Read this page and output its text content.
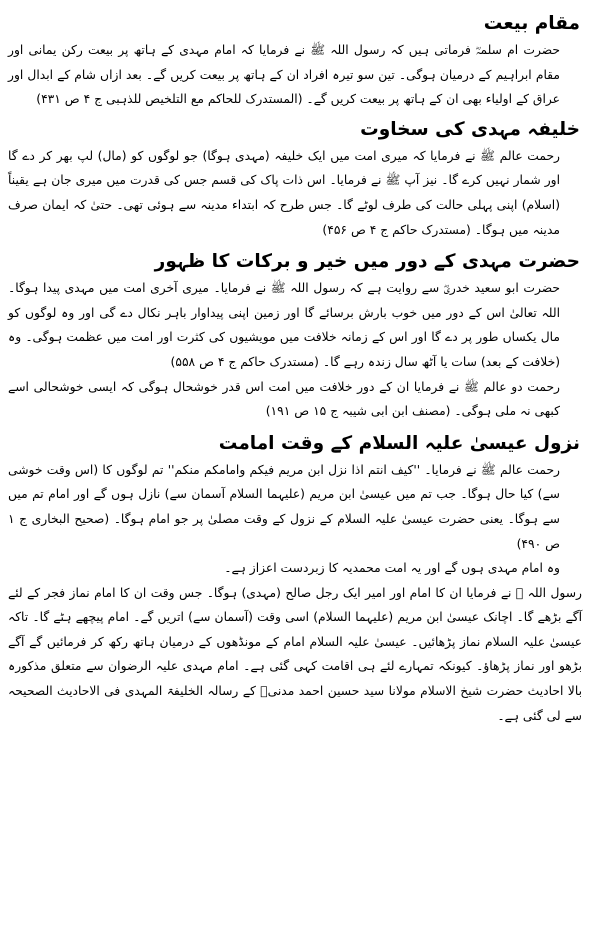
مقام بیعت

حضرت ام سلمہؓ فرماتی ہیں کہ رسول اللہ ﷺ نے فرمایا کہ امام مہدی کے ہاتھ پر بیعت رکن یمانی اور مقام ابراہیم کے درمیان ہوگی۔ تین سو تیرہ افراد ان کے ہاتھ پر بیعت کریں گے۔ بعد ازاں شام کے ابدال اور عراق کے اولیاء بھی ان کے ہاتھ پر بیعت کریں گے۔ (المستدرک للحاکم مع التلخیص للذہبی ج ۴ ص ۴۳۱)

خلیفہ مہدی کی سخاوت

رحمت عالم ﷺ نے فرمایا کہ میری امت میں ایک خلیفہ (مہدی ہوگا) جو لوگوں کو (مال) لپ بھر کر دے گا اور شمار نہیں کرے گا۔ نیز آپ ﷺ نے فرمایا۔ اس ذات پاک کی قسم جس کی قدرت میں میری جان ہے یقیناً (اسلام) اپنی پہلی حالت کی طرف لوٹے گا۔ جس طرح کہ ابتداء مدینہ سے ہوئی تھی۔ حتیٰ کہ ایمان صرف مدینہ میں ہوگا۔ (مستدرک حاکم ج ۴ ص ۴۵۶)

حضرت مہدی کے دور میں خیر و برکات کا ظہور

حضرت ابو سعید خدریؓ سے روایت ہے کہ رسول اللہ ﷺ نے فرمایا۔ میری آخری امت میں مہدی پیدا ہوگا۔ اللہ تعالیٰ اس کے دور میں خوب بارش برسائے گا اور زمین اپنی پیداوار باہر نکال دے گی اور وہ لوگوں کو مال یکساں طور پر دے گا اور اس کے زمانہ خلافت میں مویشیوں کی کثرت اور امت میں عظمت ہوگی۔ وہ (خلافت کے بعد) سات یا آٹھ سال زندہ رہے گا۔ (مستدرک حاکم ج ۴ ص ۵۵۸)

رحمت دو عالم ﷺ نے فرمایا ان کے دور خلافت میں امت اس قدر خوشحال ہوگی کہ ایسی خوشحالی اسے کبھی نہ ملی ہوگی۔ (مصنف ابن ابی شیبہ ج ۱۵ ص ۱۹۱)

نزول عیسیٰ علیہ السلام کے وقت امامت

رحمت عالم ﷺ نے فرمایا۔ ''کیف انتم اذا نزل ابن مریم فیکم وامامکم منکم'' تم لوگوں کا (اس وقت خوشی سے) کیا حال ہوگا۔ جب تم میں عیسیٰ ابن مریم (علیہما السلام آسمان سے) نازل ہوں گے اور امام تم میں سے ہوگا۔ یعنی حضرت عیسیٰ علیہ السلام کے نزول کے وقت مصلیٰ پر جو امام ہوگا۔ (صحیح البخاری ج ۱ ص ۴۹۰)

وہ امام مہدی ہوں گے اور یہ امت محمدیہ کا زبردست اعزاز ہے۔

رسول اللہ ﷺ نے فرمایا ان کا امام اور امیر ایک رجل صالح (مہدی) ہوگا۔ جس وقت ان کا امام نماز فجر کے لئے آگے بڑھے گا۔ اچانک عیسیٰ ابن مریم (علیہما السلام) اسی وقت (آسمان سے) اتریں گے۔ امام پیچھے ہٹے گا۔ تاکہ عیسیٰ علیہ السلام نماز پڑھائیں۔ عیسیٰ علیہ السلام امام کے مونڈھوں کے درمیان ہاتھ رکھ کر فرمائیں گے آگے بڑھو اور نماز پڑھاؤ۔ کیونکہ تمہارے لئے ہی اقامت کہی گئی ہے۔ امام مہدی علیہ الرضوان سے متعلق مذکورہ بالا احادیث حضرت شیخ الاسلام مولانا سید حسین احمد مدنیؒ کے رسالہ الخلیفۃ المہدی فی الاحادیث الصحیحہ سے لی گئی ہے۔
